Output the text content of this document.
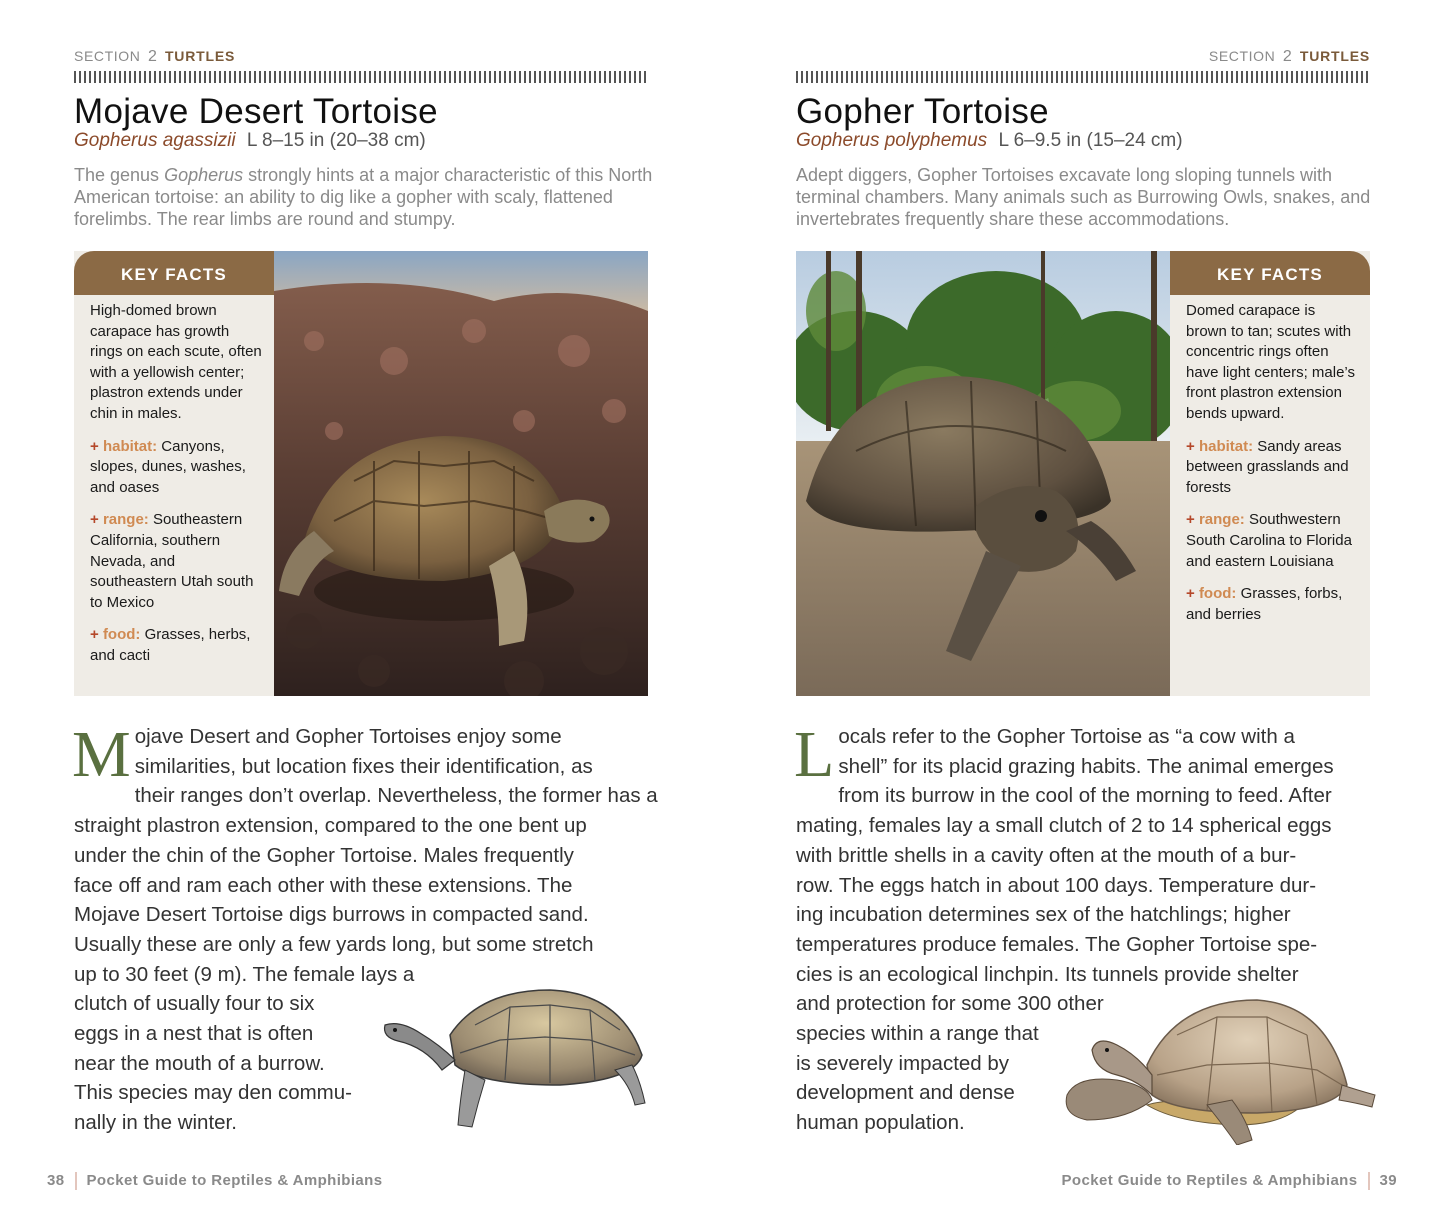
SECTION 2 TURTLES
Mojave Desert Tortoise
Gopherus agassizii L 8–15 in (20–38 cm)
The genus Gopherus strongly hints at a major characteristic of this North American tortoise: an ability to dig like a gopher with scaly, flattened forelimbs. The rear limbs are round and stumpy.
KEY FACTS

High-domed brown carapace has growth rings on each scute, often with a yellowish center; plastron extends under chin in males.

+ habitat: Canyons, slopes, dunes, washes, and oases

+ range: Southeastern California, southern Nevada, and southeastern Utah south to Mexico

+ food: Grasses, herbs, and cacti

M ojave Desert and Gopher Tortoises enjoy some
similarities, but location fixes their identification, as
their ranges don’t overlap. Nevertheless, the former has a
straight plastron extension, compared to the one bent up
under the chin of the Gopher Tortoise. Males frequently
face off and ram each other with these extensions. The
Mojave Desert Tortoise digs burrows in compacted sand.
Usually these are only a few yards long, but some stretch
up to 30 feet (9 m). The female lays a
clutch of usually four to six
eggs in a nest that is often
near the mouth of a burrow.
This species may den commu-
nally in the winter.
38 Pocket Guide to Reptiles & Amphibians
SECTION 2 TURTLES
Gopher Tortoise
Gopherus polyphemus L 6–9.5 in (15–24 cm)
Adept diggers, Gopher Tortoises excavate long sloping tunnels with terminal chambers. Many animals such as Burrowing Owls, snakes, and invertebrates frequently share these accommodations.
KEY FACTS

Domed carapace is brown to tan; scutes with concentric rings often have light centers; male’s front plastron extension bends upward.

+ habitat: Sandy areas between grasslands and forests

+ range: Southwestern South Carolina to Florida and eastern Louisiana

+ food: Grasses, forbs, and berries

L ocals refer to the Gopher Tortoise as “a cow with a
shell” for its placid grazing habits. The animal emerges
from its burrow in the cool of the morning to feed. After
mating, females lay a small clutch of 2 to 14 spherical eggs
with brittle shells in a cavity often at the mouth of a bur-
row. The eggs hatch in about 100 days. Temperature dur-
ing incubation determines sex of the hatchlings; higher
temperatures produce females. The Gopher Tortoise spe-
cies is an ecological linchpin. Its tunnels provide shelter
and protection for some 300 other
species within a range that
is severely impacted by
development and dense
human population.
Pocket Guide to Reptiles & Amphibians 39
